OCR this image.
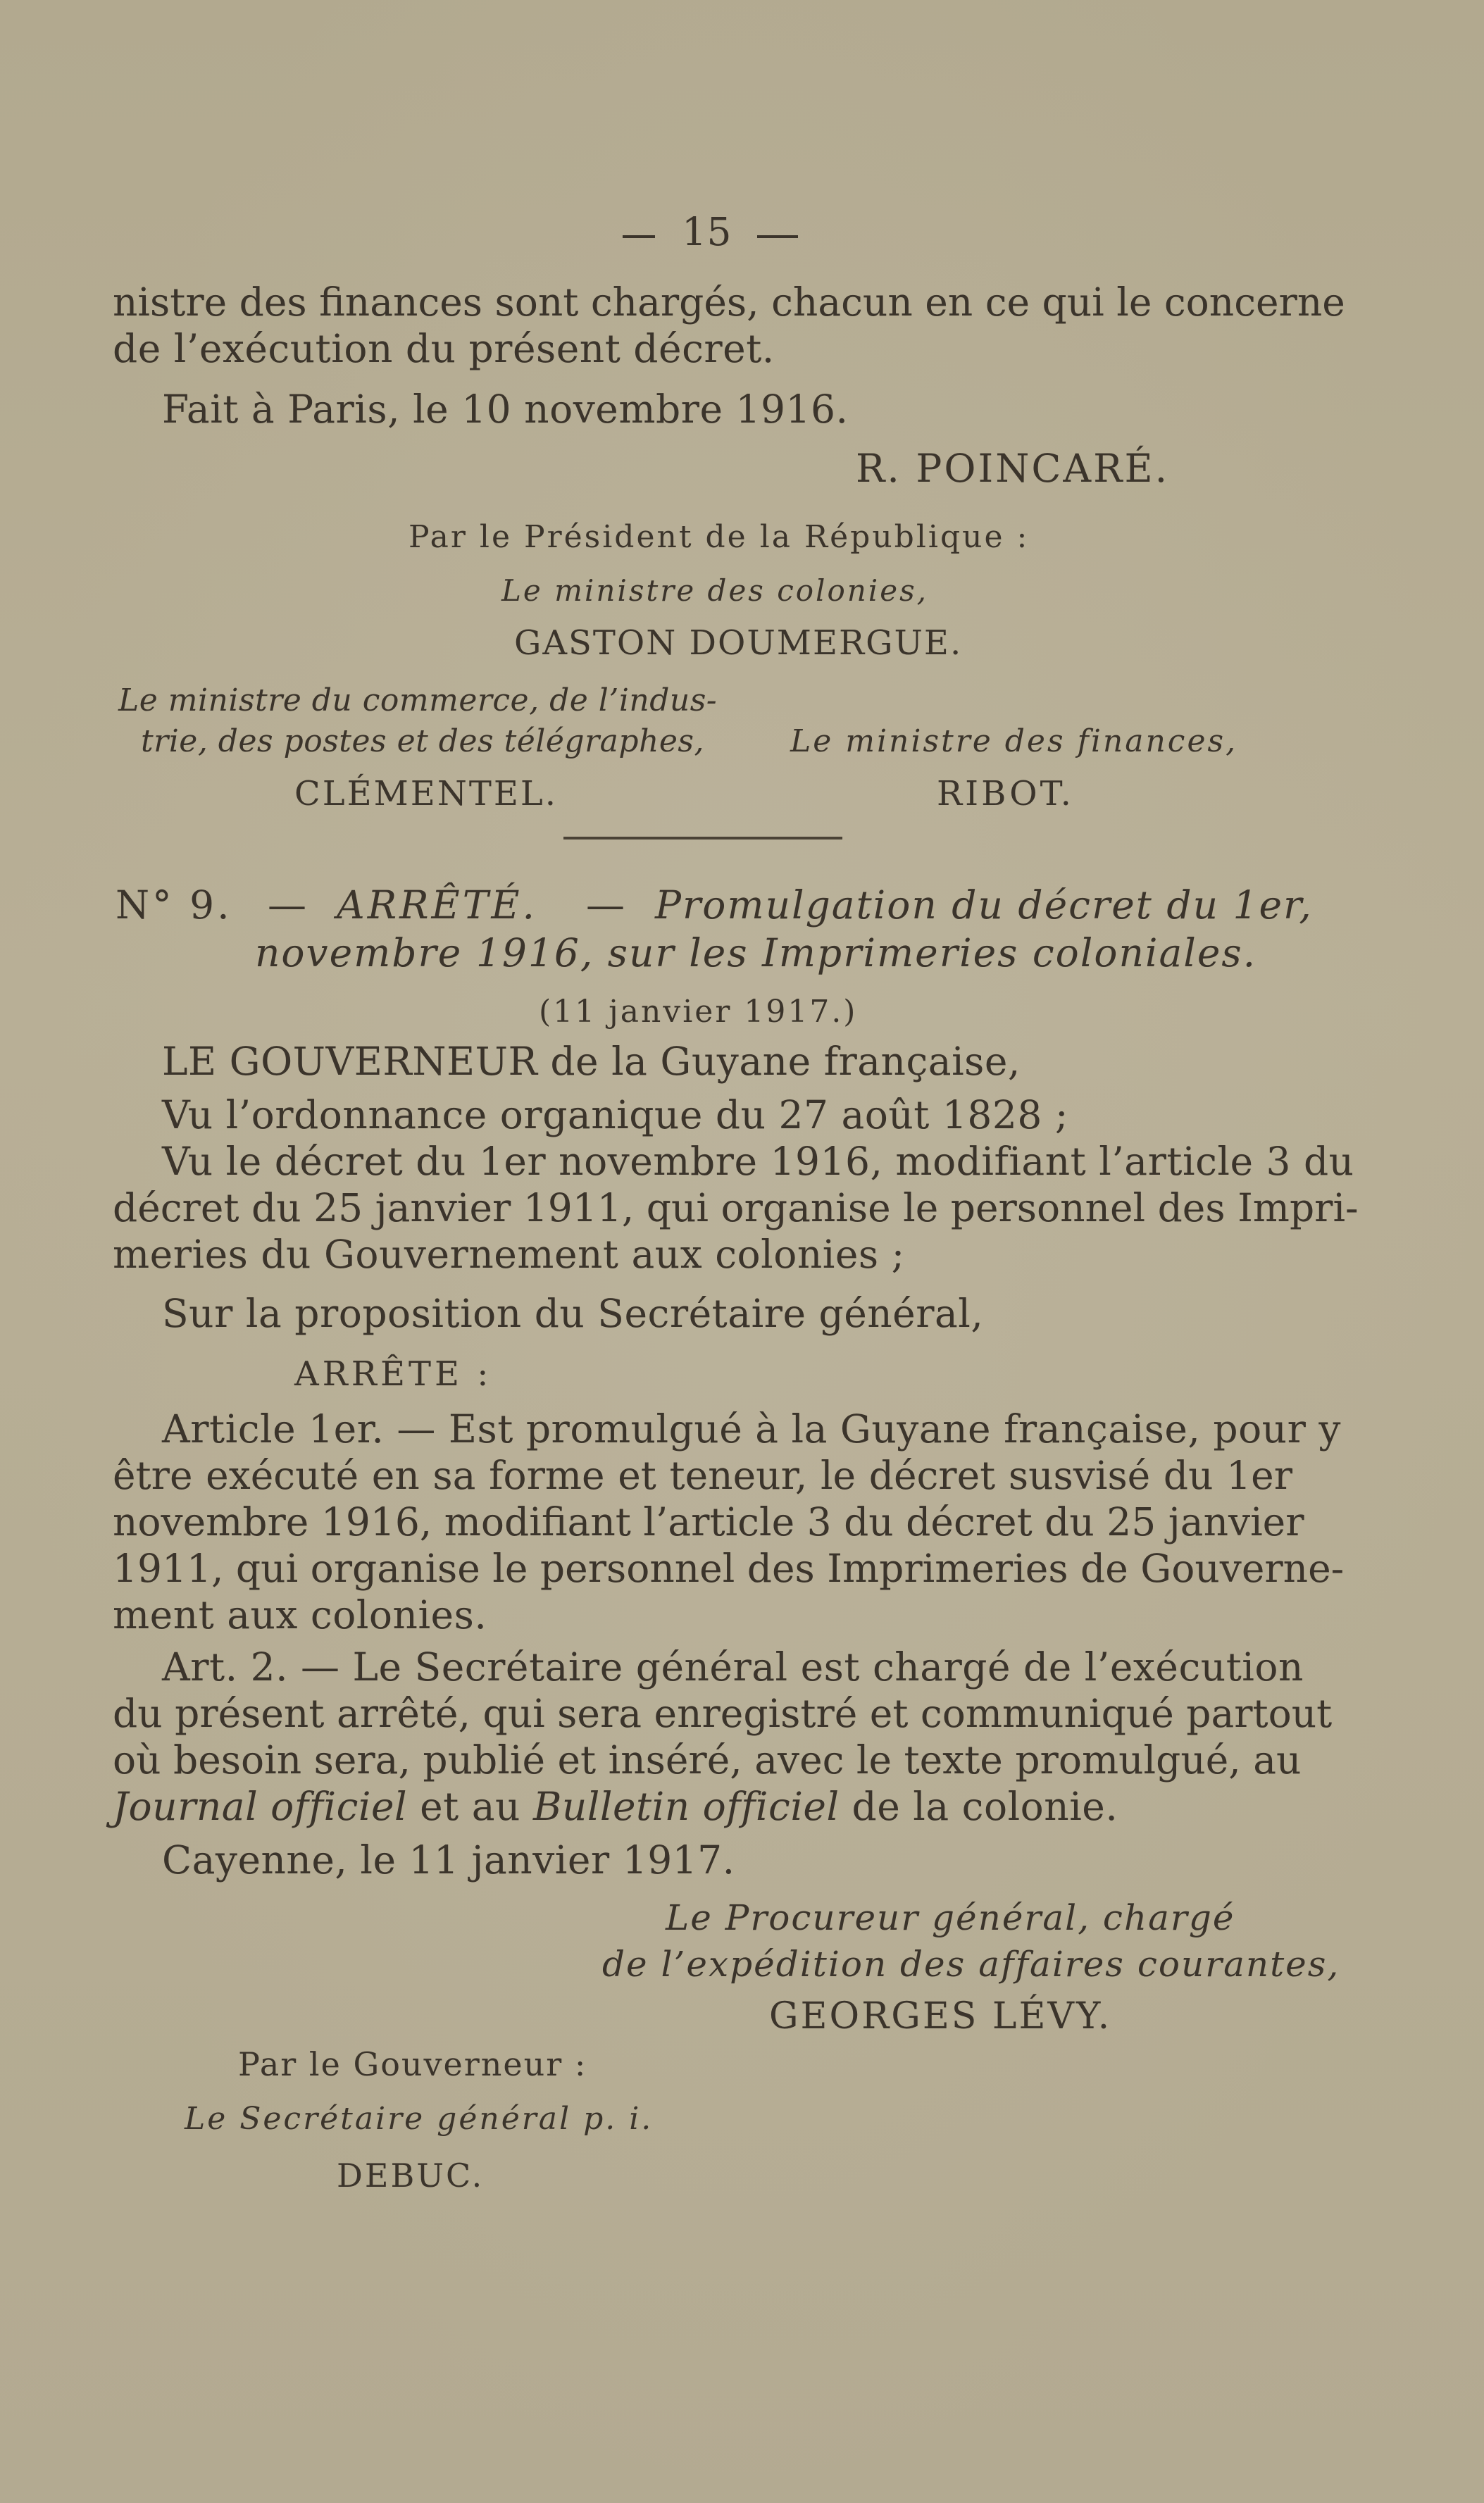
15
nistre des finances sont chargés, chacun en ce qui le concerne
de l’exécution du présent décret.
Fait à Paris, le 10 novembre 1916.
R. POINCARÉ.
Par le Président de la République :
Le ministre des colonies,
GASTON DOUMERGUE.
Le ministre du commerce, de l’indus-
trie, des postes et des télégraphes,	Le ministre des finances,
CLÉMENTEL.	RIBOT.
N° 9. — ARRÊTÉ. — Promulgation du décret du 1er,
novembre 1916, sur les Imprimeries coloniales.
(11 janvier 1917.)
LE GOUVERNEUR de la Guyane française,
Vu l’ordonnance organique du 27 août 1828 ;
Vu le décret du 1er novembre 1916, modifiant l’article 3 du
décret du 25 janvier 1911, qui organise le personnel des Impri-
meries du Gouvernement aux colonies ;
Sur la proposition du Secrétaire général,
ARRÊTE :
Article 1er. — Est promulgué à la Guyane française, pour y
être exécuté en sa forme et teneur, le décret susvisé du 1er
novembre 1916, modifiant l’article 3 du décret du 25 janvier
1911, qui organise le personnel des Imprimeries de Gouverne-
ment aux colonies.
Art. 2. — Le Secrétaire général est chargé de l’exécution
du présent arrêté, qui sera enregistré et communiqué partout
où besoin sera, publié et inséré, avec le texte promulgué, au
Journal officiel et au Bulletin officiel de la colonie.
Cayenne, le 11 janvier 1917.
Le Procureur général, chargé
de l’expédition des affaires courantes,
GEORGES LÉVY.
Par le Gouverneur :
Le Secrétaire général p. i.
DEBUC.
